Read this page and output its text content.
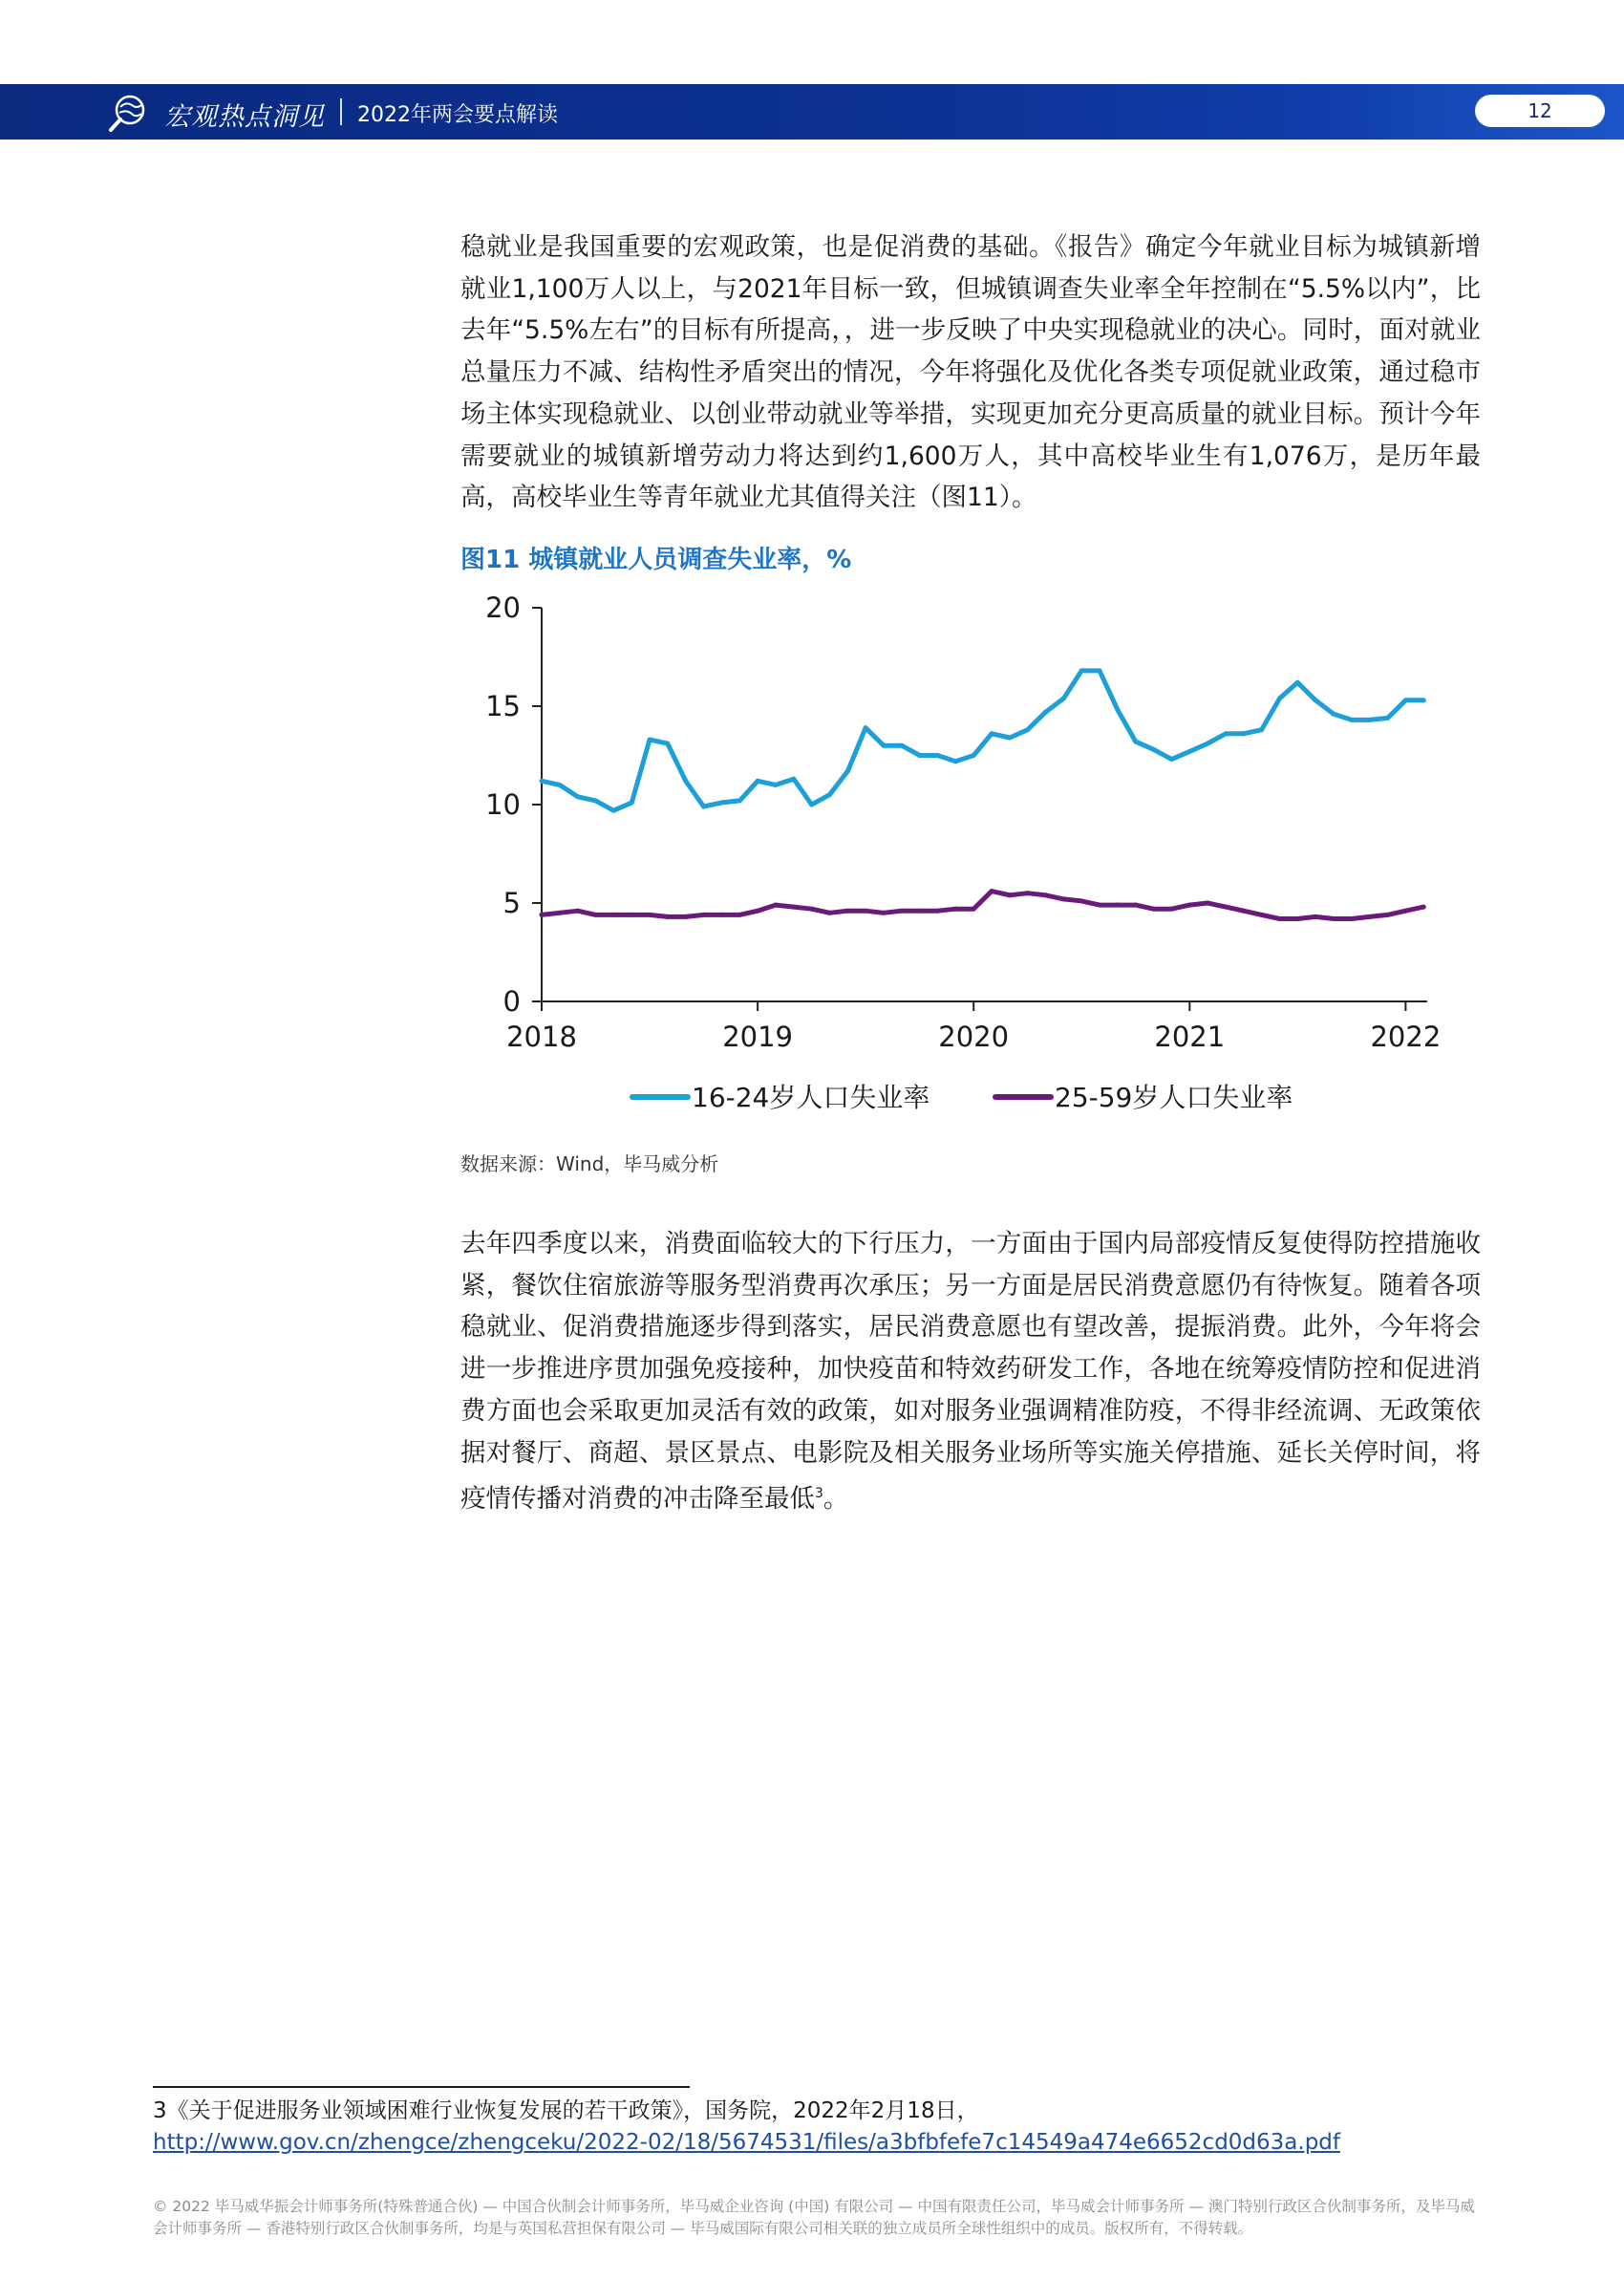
宏观热点洞见 2022年两会要点解读	12

稳就业是我国重要的宏观政策，也是促消费的基础。《报告》确定今年就业目标为城镇新增就业1,100万人以上，与2021年目标一致，但城镇调查失业率全年控制在“5.5%以内”，比去年“5.5%左右”的目标有所提高，，进一步反映了中央实现稳就业的决心。同时，面对就业总量压力不减、结构性矛盾突出的情况，今年将强化及优化各类专项促就业政策，通过稳市场主体实现稳就业、以创业带动就业等举措，实现更加充分更高质量的就业目标。预计今年需要就业的城镇新增劳动力将达到约1,600万人，其中高校毕业生有1,076万，是历年最高，高校毕业生等青年就业尤其值得关注（图11）。

图11 城镇就业人员调查失业率，%
0
5
10
15
20
2018	2019	2020	2021	2022
16-24岁人口失业率	25-59岁人口失业率
数据来源：Wind，毕马威分析

去年四季度以来，消费面临较大的下行压力，一方面由于国内局部疫情反复使得防控措施收紧，餐饮住宿旅游等服务型消费再次承压；另一方面是居民消费意愿仍有待恢复。随着各项稳就业、促消费措施逐步得到落实，居民消费意愿也有望改善，提振消费。此外，今年将会进一步推进序贯加强免疫接种，加快疫苗和特效药研发工作，各地在统筹疫情防控和促进消费方面也会采取更加灵活有效的政策，如对服务业强调精准防疫，不得非经流调、无政策依据对餐厅、商超、景区景点、电影院及相关服务业场所等实施关停措施、延长关停时间，将疫情传播对消费的冲击降至最低$^3$。

3《关于促进服务业领域困难行业恢复发展的若干政策》，国务院，2022年2月18日，
http://www.gov.cn/zhengce/zhengceku/2022-02/18/5674531/files/a3bfbfefe7c14549a474e6652cd0d63a.pdf
© 2022 毕马威华振会计师事务所(特殊普通合伙) — 中国合伙制会计师事务所，毕马威企业咨询 (中国) 有限公司 — 中国有限责任公司，毕马威会计师事务所 — 澳门特别行政区合伙制事务所，及毕马威会计师事务所 — 香港特别行政区合伙制事务所，均是与英国私营担保有限公司 — 毕马威国际有限公司相关联的独立成员所全球性组织中的成员。版权所有，不得转载。
